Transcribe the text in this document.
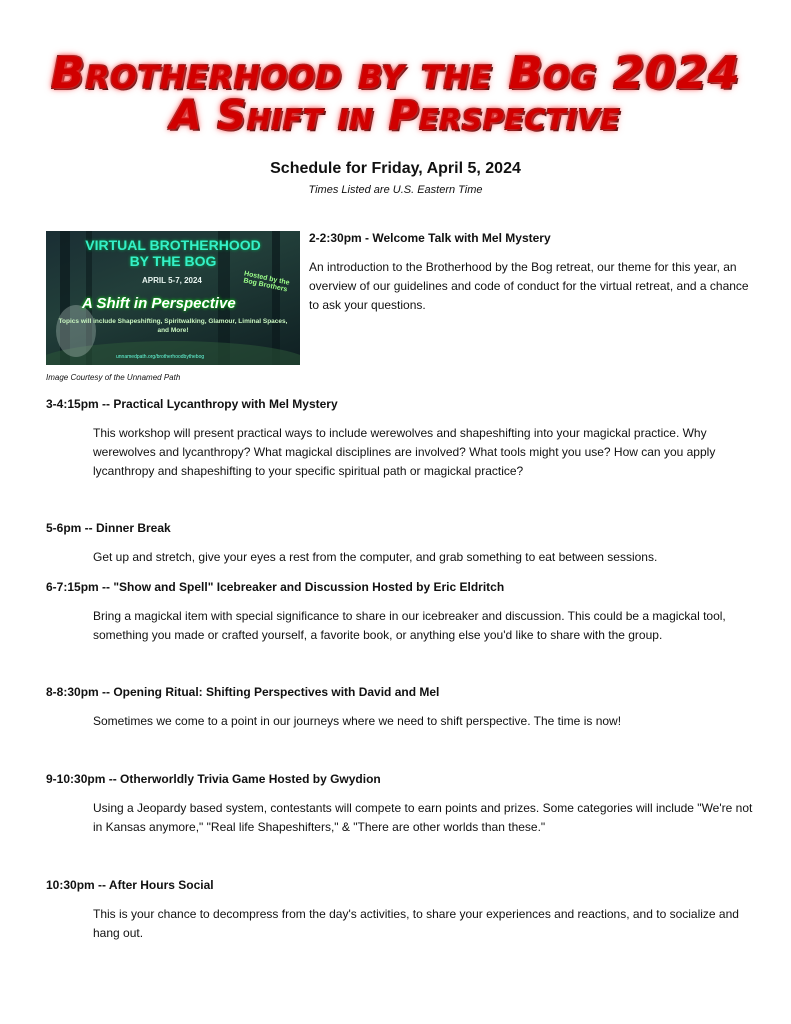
Brotherhood by the Bog 2024
A Shift in Perspective
Schedule for Friday, April 5, 2024
Times Listed are U.S. Eastern Time
VIRTUAL BROTHERHOOD
BY THE BOG
APRIL 5-7, 2024	Hosted by the Bog Brothers
A Shift in Perspective
Topics will include Shapeshifting, Spiritwalking, Glamour, Liminal Spaces, and More!
unnamedpath.org/brotherhoodbythebog
Image Courtesy of the Unnamed Path
2-2:30pm - Welcome Talk with Mel Mystery
An introduction to the Brotherhood by the Bog retreat, our theme for this year, an overview of our guidelines and code of conduct for the virtual retreat, and a chance to ask your questions.
3-4:15pm -- Practical Lycanthropy with Mel Mystery
This workshop will present practical ways to include werewolves and shapeshifting into your magickal practice. Why werewolves and lycanthropy? What magickal disciplines are involved? What tools might you use? How can you apply lycanthropy and shapeshifting to your specific spiritual path or magickal practice?
5-6pm -- Dinner Break
Get up and stretch, give your eyes a rest from the computer, and grab something to eat between sessions.
6-7:15pm -- "Show and Spell" Icebreaker and Discussion Hosted by Eric Eldritch
Bring a magickal item with special significance to share in our icebreaker and discussion. This could be a magickal tool, something you made or crafted yourself, a favorite book, or anything else you'd like to share with the group.
8-8:30pm -- Opening Ritual: Shifting Perspectives with David and Mel
Sometimes we come to a point in our journeys where we need to shift perspective. The time is now!
9-10:30pm -- Otherworldly Trivia Game Hosted by Gwydion
Using a Jeopardy based system, contestants will compete to earn points and prizes. Some categories will include "We're not in Kansas anymore," "Real life Shapeshifters," & "There are other worlds than these."
10:30pm -- After Hours Social
This is your chance to decompress from the day's activities, to share your experiences and reactions, and to socialize and hang out.
